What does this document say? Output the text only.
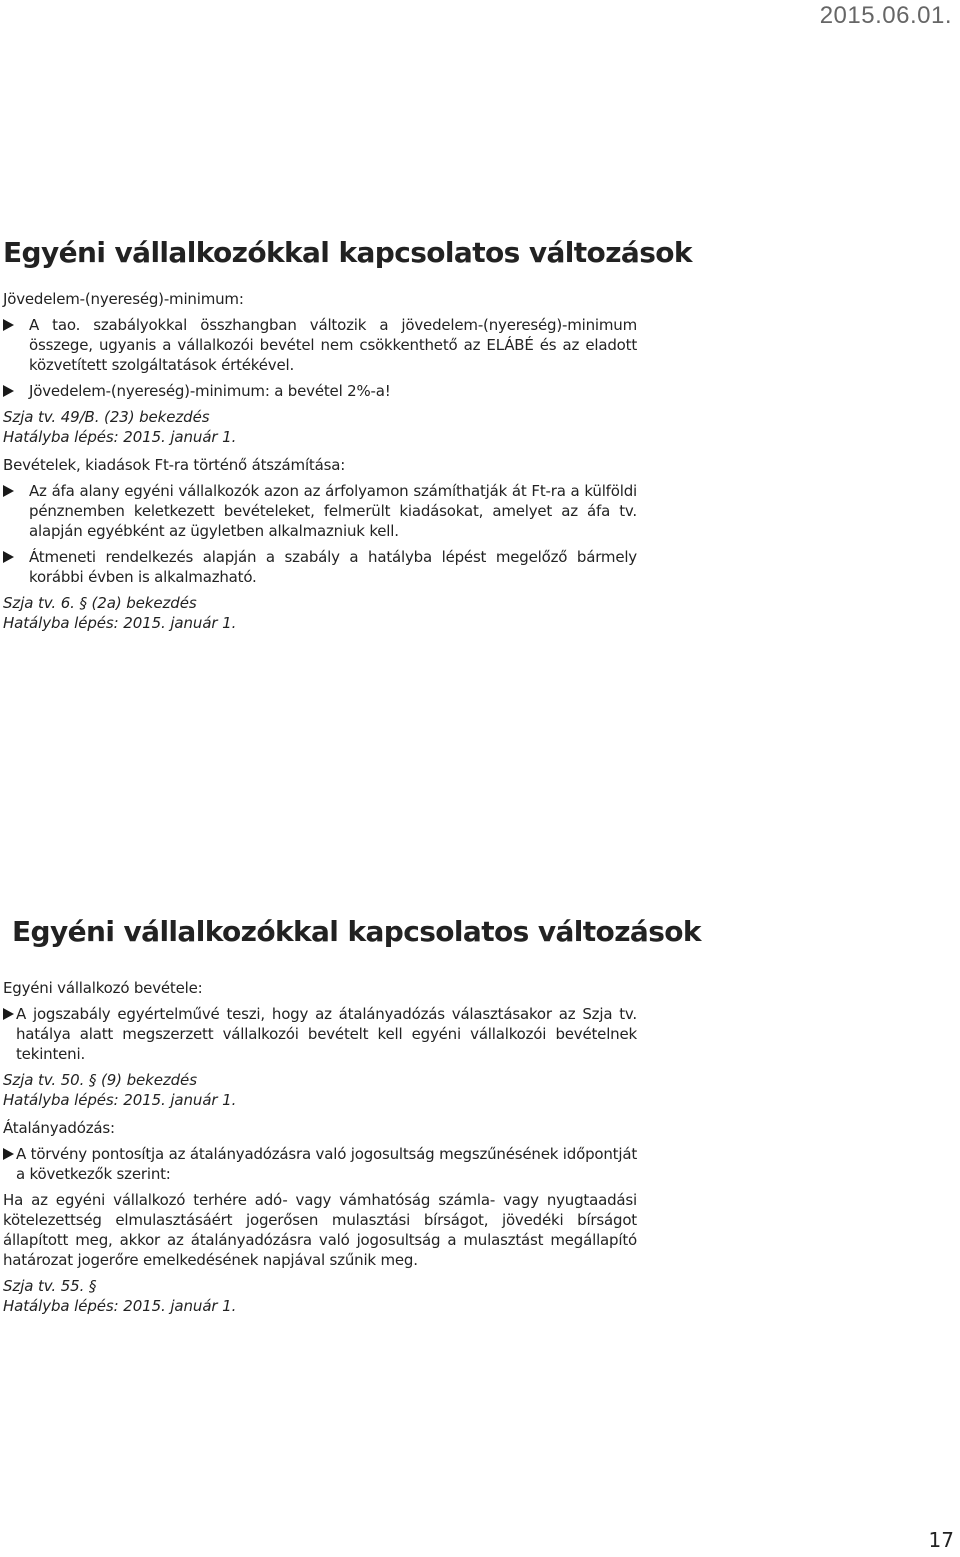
2015.06.01.
Egyéni vállalkozókkal kapcsolatos változások

Jövedelem-(nyereség)-minimum:

A tao. szabályokkal összhangban változik a jövedelem-(nyereség)-minimum összege, ugyanis a vállalkozói bevétel nem csökkenthető az ELÁBÉ és az eladott közvetített szolgáltatások értékével.
Jövedelem-(nyereség)-minimum: a bevétel 2%-a!

Szja tv. 49/B. (23) bekezdés

Hatályba lépés: 2015. január 1.

Bevételek, kiadások Ft-ra történő átszámítása:

Az áfa alany egyéni vállalkozók azon az árfolyamon számíthatják át Ft-ra a külföldi pénznemben keletkezett bevételeket, felmerült kiadásokat, amelyet az áfa tv. alapján egyébként az ügyletben alkalmazniuk kell.
Átmeneti rendelkezés alapján a szabály a hatályba lépést megelőző bármely korábbi évben is alkalmazható.

Szja tv. 6. § (2a) bekezdés

Hatályba lépés: 2015. január 1.

Egyéni vállalkozókkal kapcsolatos változások

Egyéni vállalkozó bevétele:

A jogszabály egyértelművé teszi, hogy az átalányadózás választásakor az Szja tv. hatálya alatt megszerzett vállalkozói bevételt kell egyéni vállalkozói bevételnek tekinteni.

Szja tv. 50. § (9) bekezdés

Hatályba lépés: 2015. január 1.

Átalányadózás:

A törvény pontosítja az átalányadózásra való jogosultság megszűnésének időpontját a következők szerint:

Ha az egyéni vállalkozó terhére adó- vagy vámhatóság számla- vagy nyugtaadási kötelezettség elmulasztásáért jogerősen mulasztási bírságot, jövedéki bírságot állapított meg, akkor az átalányadózásra való jogosultság a mulasztást megállapító határozat jogerőre emelkedésének napjával szűnik meg.

Szja tv. 55. §

Hatályba lépés: 2015. január 1.

17
